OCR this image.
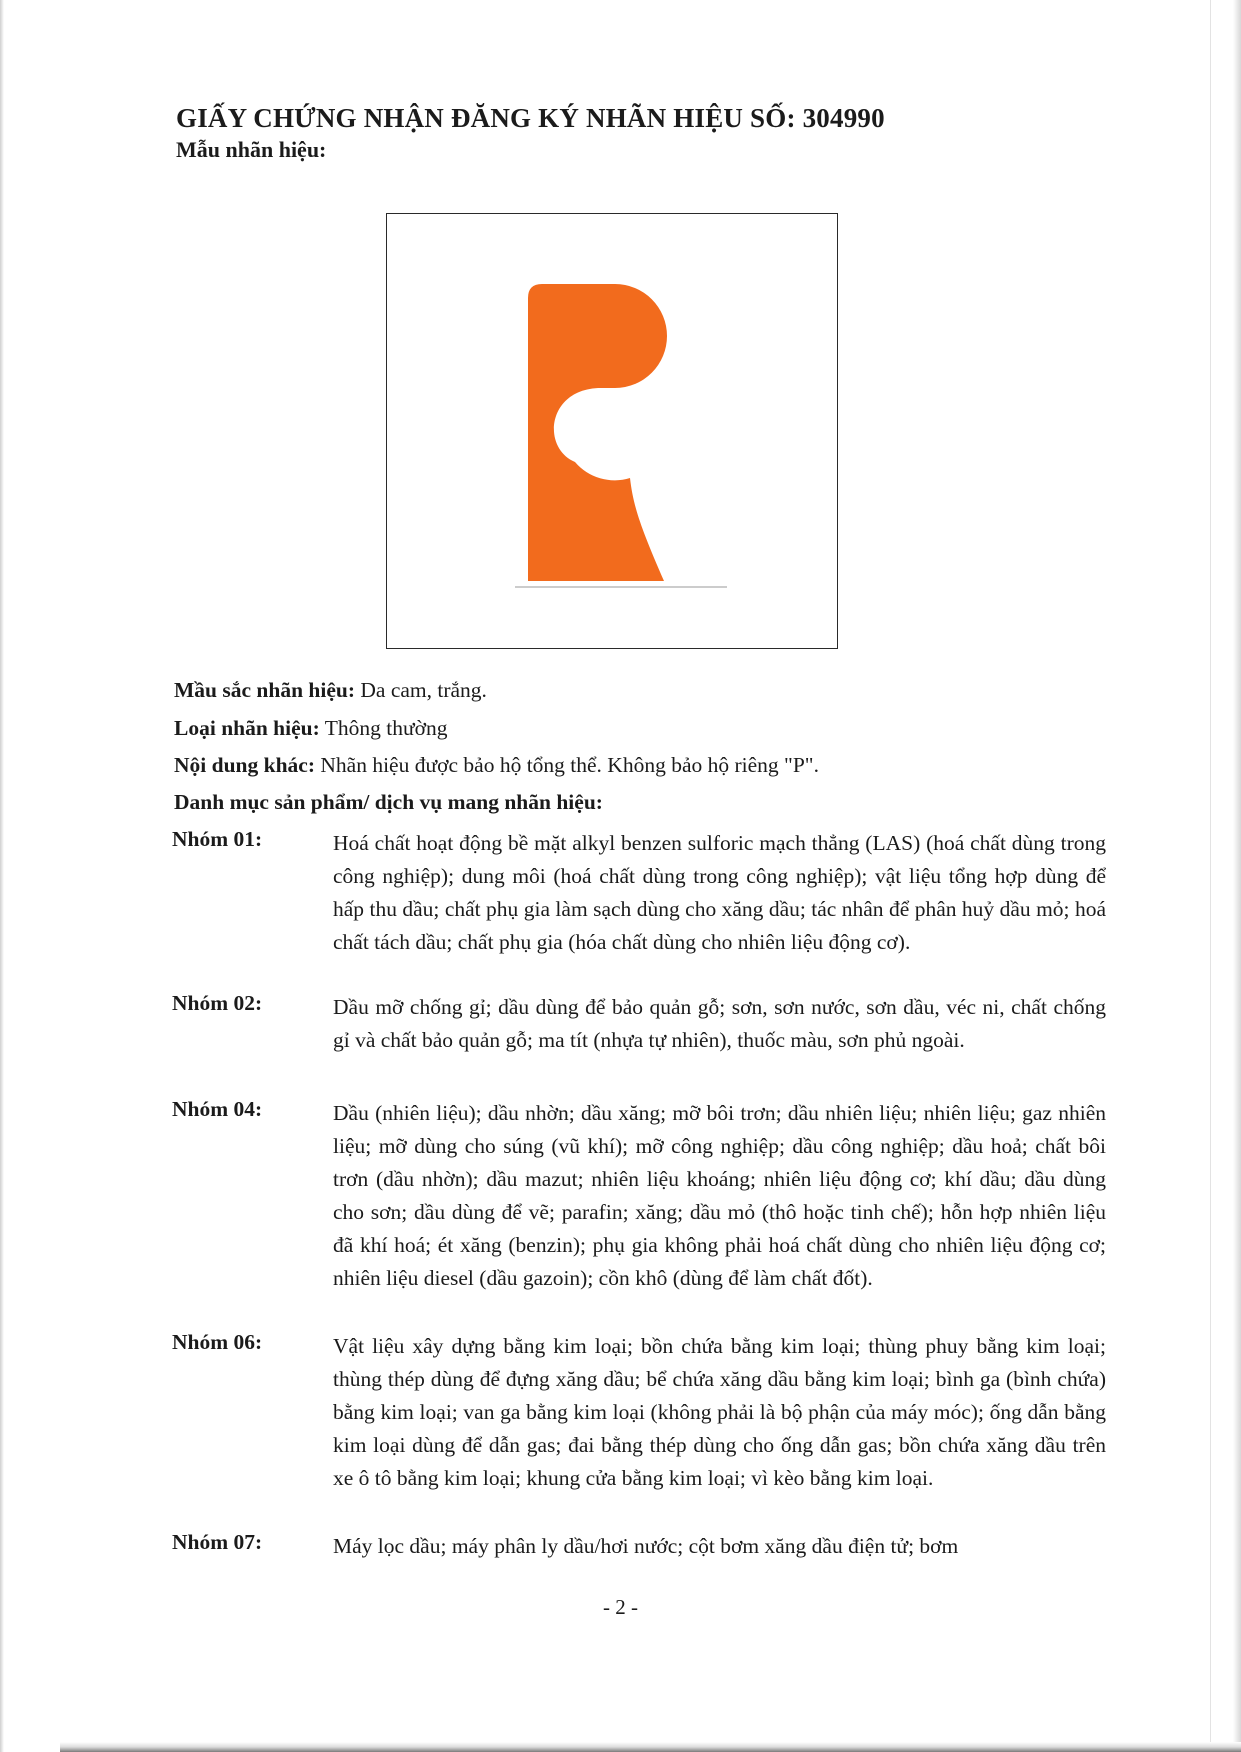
GIẤY CHỨNG NHẬN ĐĂNG KÝ NHÃN HIỆU SỐ: 304990
Mẫu nhãn hiệu:
Mầu sắc nhãn hiệu: Da cam, trắng.
Loại nhãn hiệu: Thông thường
Nội dung khác: Nhãn hiệu được bảo hộ tổng thể. Không bảo hộ riêng "P".
Danh mục sản phẩm/ dịch vụ mang nhãn hiệu:
Nhóm 01:	Hoá chất hoạt động bề mặt alkyl benzen sulforic mạch thẳng (LAS) (hoá chất dùng trong công nghiệp); dung môi (hoá chất dùng trong công nghiệp); vật liệu tổng hợp dùng để hấp thu dầu; chất phụ gia làm sạch dùng cho xăng dầu; tác nhân để phân huỷ dầu mỏ; hoá chất tách dầu; chất phụ gia (hóa chất dùng cho nhiên liệu động cơ).
Nhóm 02:	Dầu mỡ chống gỉ; dầu dùng để bảo quản gỗ; sơn, sơn nước, sơn dầu, véc ni, chất chống gỉ và chất bảo quản gỗ; ma tít (nhựa tự nhiên), thuốc màu, sơn phủ ngoài.
Nhóm 04:	Dầu (nhiên liệu); dầu nhờn; dầu xăng; mỡ bôi trơn; dầu nhiên liệu; nhiên liệu; gaz nhiên liệu; mỡ dùng cho súng (vũ khí); mỡ công nghiệp; dầu công nghiệp; dầu hoả; chất bôi trơn (dầu nhờn); dầu mazut; nhiên liệu khoáng; nhiên liệu động cơ; khí dầu; dầu dùng cho sơn; dầu dùng để vẽ; parafin; xăng; dầu mỏ (thô hoặc tinh chế); hỗn hợp nhiên liệu đã khí hoá; ét xăng (benzin); phụ gia không phải hoá chất dùng cho nhiên liệu động cơ; nhiên liệu diesel (dầu gazoin); cồn khô (dùng để làm chất đốt).
Nhóm 06:	Vật liệu xây dựng bằng kim loại; bồn chứa bằng kim loại; thùng phuy bằng kim loại; thùng thép dùng để đựng xăng dầu; bể chứa xăng dầu bằng kim loại; bình ga (bình chứa) bằng kim loại; van ga bằng kim loại (không phải là bộ phận của máy móc); ống dẫn bằng kim loại dùng để dẫn gas; đai bằng thép dùng cho ống dẫn gas; bồn chứa xăng dầu trên xe ô tô bằng kim loại; khung cửa bằng kim loại; vì kèo bằng kim loại.
Nhóm 07:	Máy lọc dầu; máy phân ly dầu/hơi nước; cột bơm xăng dầu điện tử; bơm
- 2 -
